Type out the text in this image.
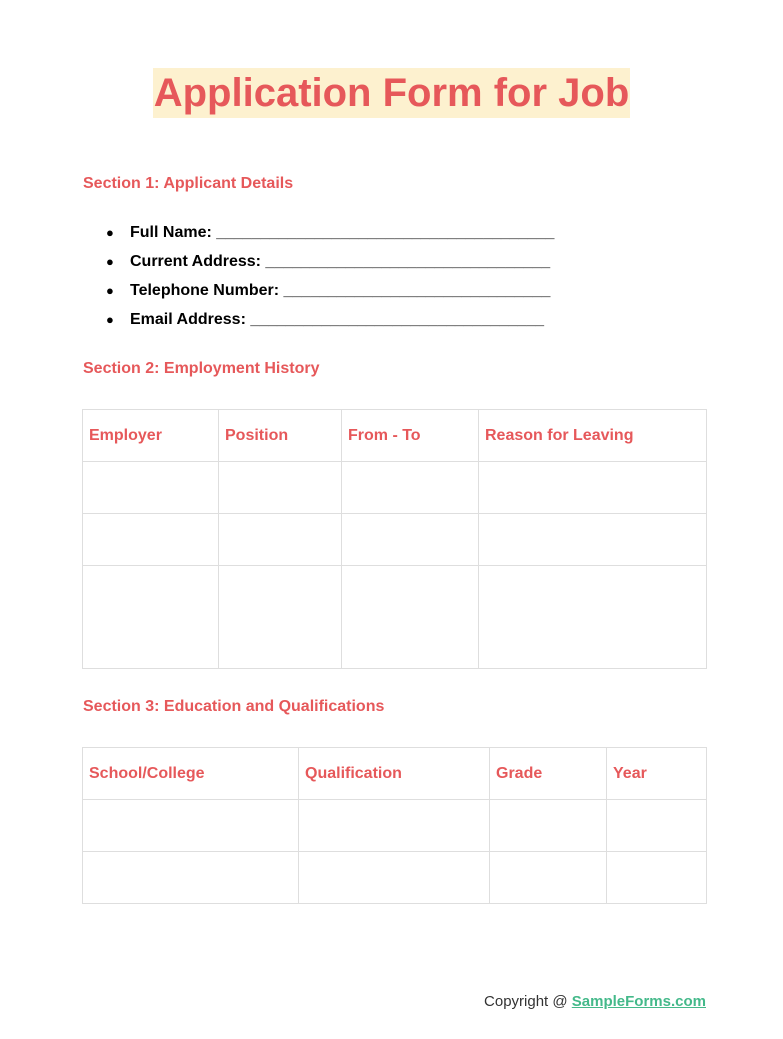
Application Form for Job
Section 1: Applicant Details
● Full Name: ______________________________________
● Current Address: ________________________________
● Telephone Number: ______________________________
● Email Address: _________________________________
Section 2: Employment History
Employer	Position	From - To	Reason for Leaving

Section 3: Education and Qualifications
School/College	Qualification	Grade	Year

Copyright @ SampleForms.com
